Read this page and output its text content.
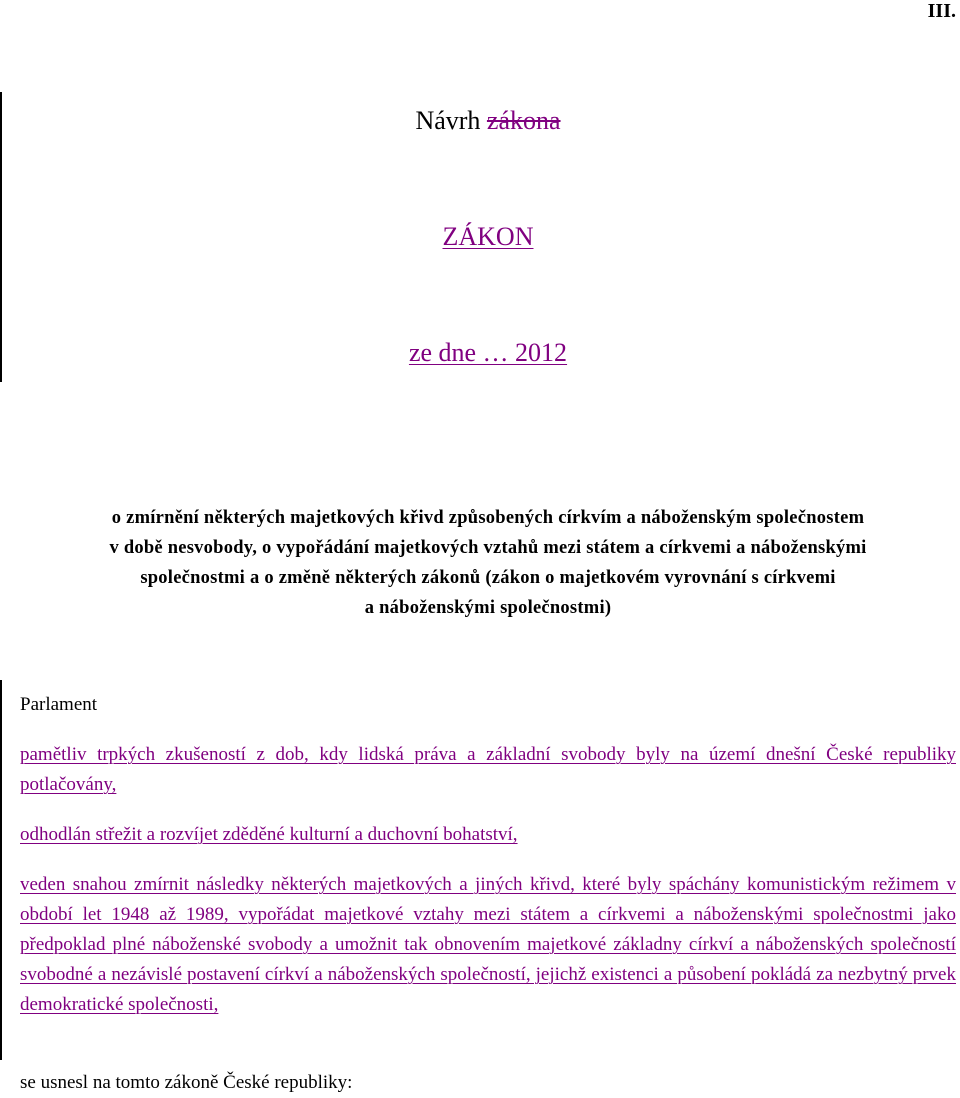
III.
Návrh zákona
ZÁKON
ze dne … 2012
o zmírnění některých majetkových křivd způsobených církvím a náboženským společnostem
v době nesvobody, o vypořádání majetkových vztahů mezi státem a církvemi a náboženskými
společnostmi a o změně některých zákonů (zákon o majetkovém vyrovnání s církvemi
a náboženskými společnostmi)

Parlament

pamětliv trpkých zkušeností z dob, kdy lidská práva a základní svobody byly na území dnešní České republiky potlačovány,

odhodlán střežit a rozvíjet zděděné kulturní a duchovní bohatství,

veden snahou zmírnit následky některých majetkových a jiných křivd, které byly spáchány komunistickým režimem v období let 1948 až 1989, vypořádat majetkové vztahy mezi státem a církvemi a náboženskými společnostmi jako předpoklad plné náboženské svobody a umožnit tak obnovením majetkové základny církví a náboženských společností svobodné a nezávislé postavení církví a náboženských společností, jejichž existenci a působení pokládá za nezbytný prvek demokratické společnosti,

se usnesl na tomto zákoně České republiky:
